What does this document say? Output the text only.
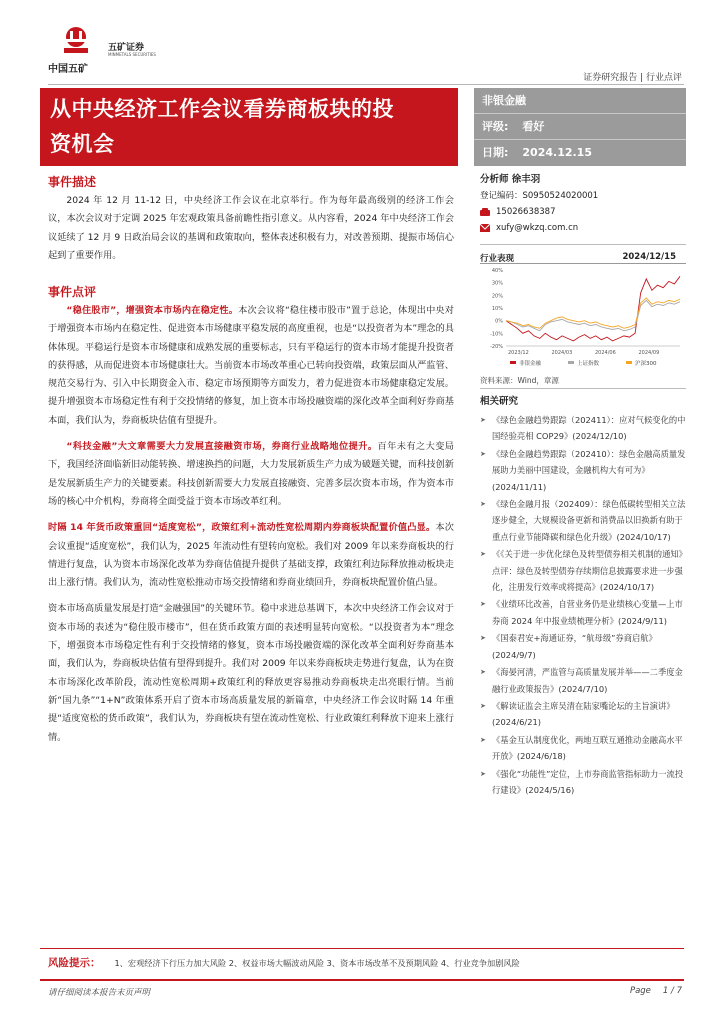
中国五矿
五矿证券
MINMETALS SECURITIES
证券研究报告 | 行业点评
从中央经济工作会议看券商板块的投
资机会
非银金融
评级: 看好
日期: 2024.12.15
事件描述

2024 年 12 月 11-12 日，中央经济工作会议在北京举行。作为每年最高级别的经济工作会议，本次会议对于定调 2025 年宏观政策具备前瞻性指引意义。从内容看，2024 年中央经济工作会议延续了 12 月 9 日政治局会议的基调和政策取向，整体表述积极有力，对改善预期、提振市场信心起到了重要作用。

事件点评

“稳住股市”，增强资本市场内在稳定性。本次会议将“稳住楼市股市”置于总论，体现出中央对于增强资本市场内在稳定性、促进资本市场健康平稳发展的高度重视，也是“以投资者为本”理念的具体体现。平稳运行是资本市场健康和成熟发展的重要标志，只有平稳运行的资本市场才能提升投资者的获得感，从而促进资本市场健康壮大。当前资本市场改革重心已转向投资端，政策层面从严监管、规范交易行为、引入中长期资金入市、稳定市场预期等方面发力，着力促进资本市场健康稳定发展。提升增强资本市场稳定性有利于交投情绪的修复，加上资本市场投融资端的深化改革全面利好券商基本面，我们认为，券商板块估值有望提升。

“科技金融”大文章需要大力发展直接融资市场，券商行业战略地位提升。百年未有之大变局下，我国经济面临新旧动能转换、增速换挡的问题，大力发展新质生产力成为破题关键，而科技创新是发展新质生产力的关键要素。科技创新需要大力发展直接融资、完善多层次资本市场，作为资本市场的核心中介机构，券商将全面受益于资本市场改革红利。

时隔 14 年货币政策重回“适度宽松”，政策红利+流动性宽松周期内券商板块配置价值凸显。本次会议重提“适度宽松”，我们认为，2025 年流动性有望转向宽松。我们对 2009 年以来券商板块的行情进行复盘，认为资本市场深化改革为券商估值提升提供了基础支撑，政策红利边际释放推动板块走出上涨行情。我们认为，流动性宽松推动市场交投情绪和券商业绩回升，券商板块配置价值凸显。

资本市场高质量发展是打造“金融强国”的关键环节。稳中求进总基调下，本次中央经济工作会议对于资本市场的表述为“稳住股市楼市”，但在货币政策方面的表述明显转向宽松。“以投资者为本”理念下，增强资本市场稳定性有利于交投情绪的修复，资本市场投融资端的深化改革全面利好券商基本面，我们认为，券商板块估值有望得到提升。我们对 2009 年以来券商板块走势进行复盘，认为在资本市场深化改革阶段，流动性宽松周期+政策红利的释放更容易推动券商板块走出亮眼行情。当前新“国九条”“1+N”政策体系开启了资本市场高质量发展的新篇章，中央经济工作会议时隔 14 年重提“适度宽松的货币政策”，我们认为，券商板块有望在流动性宽松、行业政策红利释放下迎来上涨行情。

分析师 徐丰羽
登记编码：S0950524020001
15026638387
xufy@wkzq.com.cn
行业表现	2024/12/15
40%
30%
20%
10%
0%
-10%
-20%
2023/12	2024/03	2024/06	2024/09
非银金融	上证指数	沪深300
资料来源：Wind，章源
相关研究
➤ 《绿色金融趋势跟踪（202411）：应对气候变化的中国经验亮相 COP29》(2024/12/10)
➤ 《绿色金融趋势跟踪（202410）：绿色金融高质量发展助力美丽中国建设，金融机构大有可为》(2024/11/11)
➤ 《绿色金融月报（202409）：绿色低碳转型相关立法逐步健全，大规模设备更新和消费品以旧换新有助于重点行业节能降碳和绿色化升级》(2024/10/17)
➤ 《《关于进一步优化绿色及转型债券相关机制的通知》点评：绿色及转型债券存续期信息披露要求进一步强化，注册发行效率或将提高》(2024/10/17)
➤ 《业绩环比改善，自营业务仍是业绩核心变量—上市券商 2024 年中报业绩梳理分析》(2024/9/11)
➤ 《国泰君安+海通证券，“航母级”券商启航》(2024/9/7)
➤ 《海晏河清，严监管与高质量发展并举——二季度金融行业政策报告》(2024/7/10)
➤ 《解读证监会主席吴清在陆家嘴论坛的主旨演讲》(2024/6/21)
➤ 《基金互认制度优化，两地互联互通推动金融高水平开放》(2024/6/18)
➤ 《强化“功能性”定位，上市券商监管指标助力一流投行建设》(2024/5/16)
风险提示： 1、宏观经济下行压力加大风险 2、权益市场大幅波动风险 3、资本市场改革不及预期风险 4、行业竞争加剧风险
请仔细阅读本报告末页声明	Page 1 / 7
